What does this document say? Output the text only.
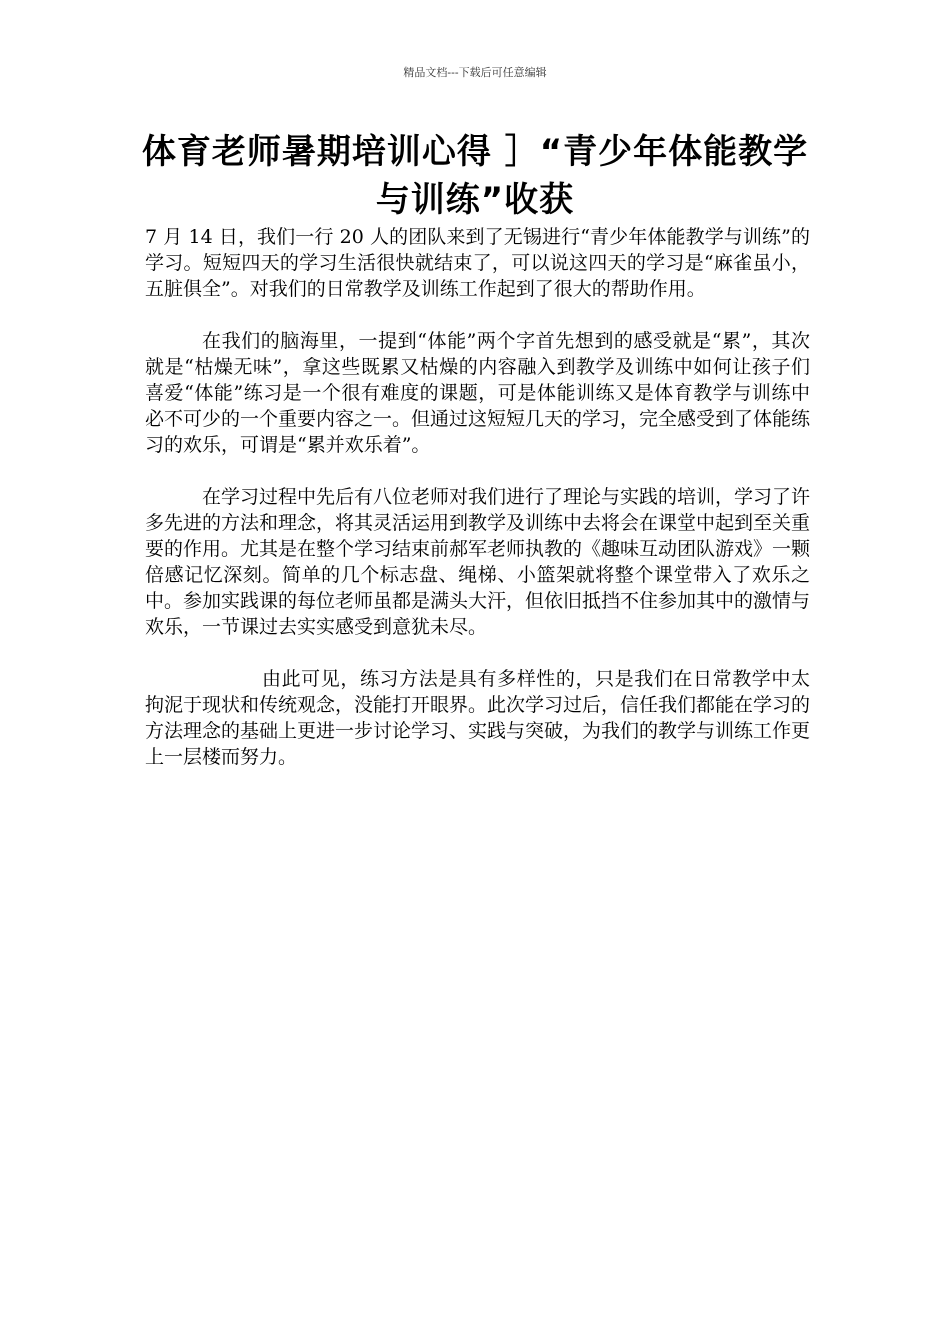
精品文档---下载后可任意编辑
体育老师暑期培训心得 ］“青少年体能教学与训练”收获

7 月 14 日，我们一行 20 人的团队来到了无锡进行“青少年体能教学与训练”的学习。短短四天的学习生活很快就结束了，可以说这四天的学习是“麻雀虽小，五脏俱全”。对我们的日常教学及训练工作起到了很大的帮助作用。

在我们的脑海里，一提到“体能”两个字首先想到的感受就是“累”，其次就是“枯燥无味”，拿这些既累又枯燥的内容融入到教学及训练中如何让孩子们喜爱“体能”练习是一个很有难度的课题，可是体能训练又是体育教学与训练中必不可少的一个重要内容之一。但通过这短短几天的学习，完全感受到了体能练习的欢乐，可谓是“累并欢乐着”。

在学习过程中先后有八位老师对我们进行了理论与实践的培训，学习了许多先进的方法和理念，将其灵活运用到教学及训练中去将会在课堂中起到至关重要的作用。尤其是在整个学习结束前郝军老师执教的《趣味互动团队游戏》一颗倍感记忆深刻。简单的几个标志盘、绳梯、小篮架就将整个课堂带入了欢乐之中。参加实践课的每位老师虽都是满头大汗，但依旧抵挡不住参加其中的激情与欢乐，一节课过去实实感受到意犹未尽。

由此可见，练习方法是具有多样性的，只是我们在日常教学中太拘泥于现状和传统观念，没能打开眼界。此次学习过后，信任我们都能在学习的方法理念的基础上更进一步讨论学习、实践与突破，为我们的教学与训练工作更上一层楼而努力。
